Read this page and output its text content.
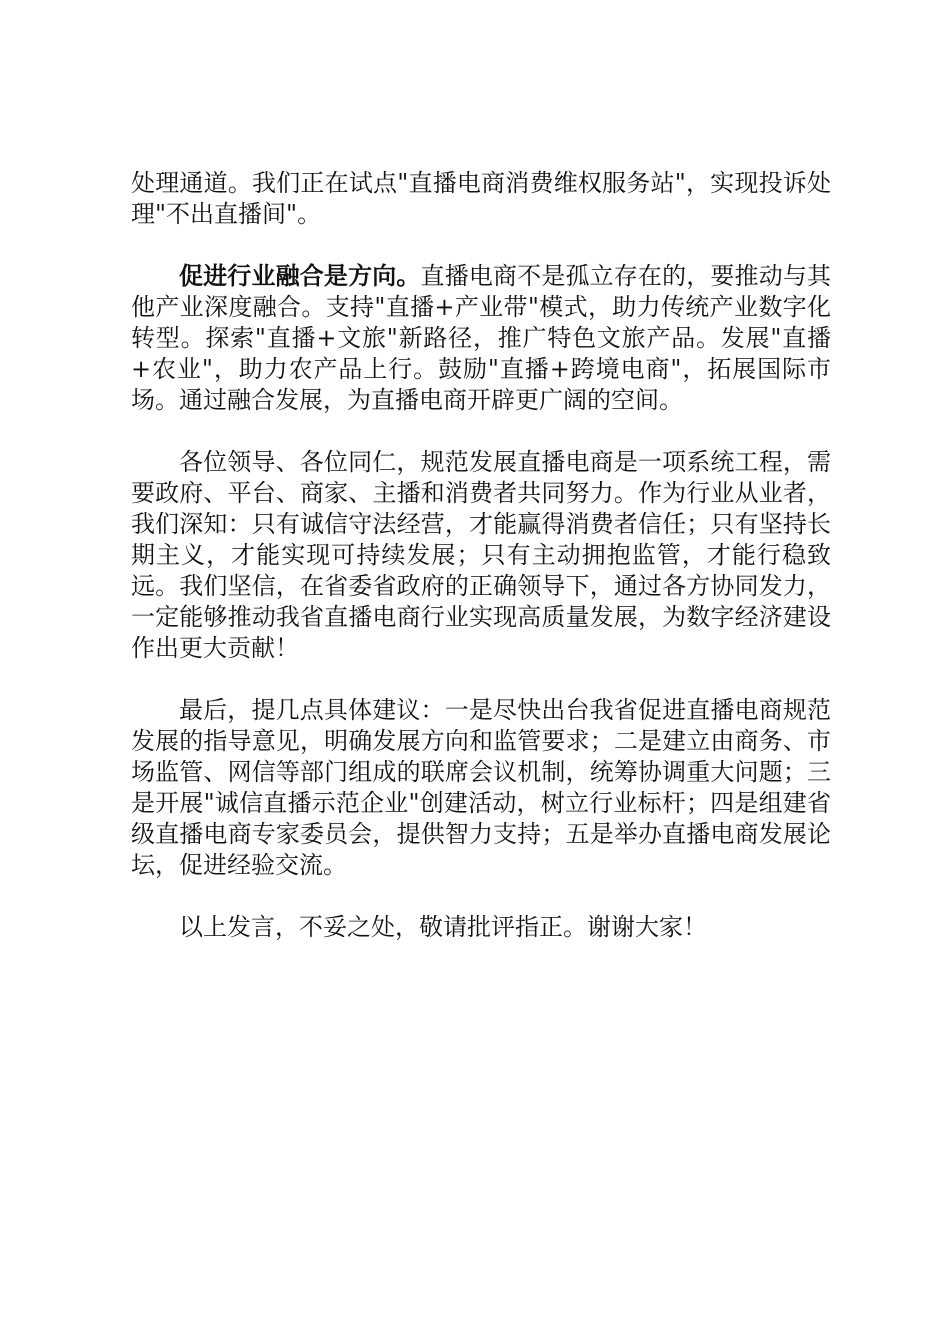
处理通道。我们正在试点"直播电商消费维权服务站"，实现投诉处理"不出直播间"。

促进行业融合是方向。直播电商不是孤立存在的，要推动与其他产业深度融合。支持"直播+产业带"模式，助力传统产业数字化转型。探索"直播+文旅"新路径，推广特色文旅产品。发展"直播+农业"，助力农产品上行。鼓励"直播+跨境电商"，拓展国际市场。通过融合发展，为直播电商开辟更广阔的空间。

各位领导、各位同仁，规范发展直播电商是一项系统工程，需要政府、平台、商家、主播和消费者共同努力。作为行业从业者，我们深知：只有诚信守法经营，才能赢得消费者信任；只有坚持长期主义，才能实现可持续发展；只有主动拥抱监管，才能行稳致远。我们坚信，在省委省政府的正确领导下，通过各方协同发力，一定能够推动我省直播电商行业实现高质量发展，为数字经济建设作出更大贡献！

最后，提几点具体建议：一是尽快出台我省促进直播电商规范发展的指导意见，明确发展方向和监管要求；二是建立由商务、市场监管、网信等部门组成的联席会议机制，统筹协调重大问题；三是开展"诚信直播示范企业"创建活动，树立行业标杆；四是组建省级直播电商专家委员会，提供智力支持；五是举办直播电商发展论坛，促进经验交流。

以上发言，不妥之处，敬请批评指正。谢谢大家！
